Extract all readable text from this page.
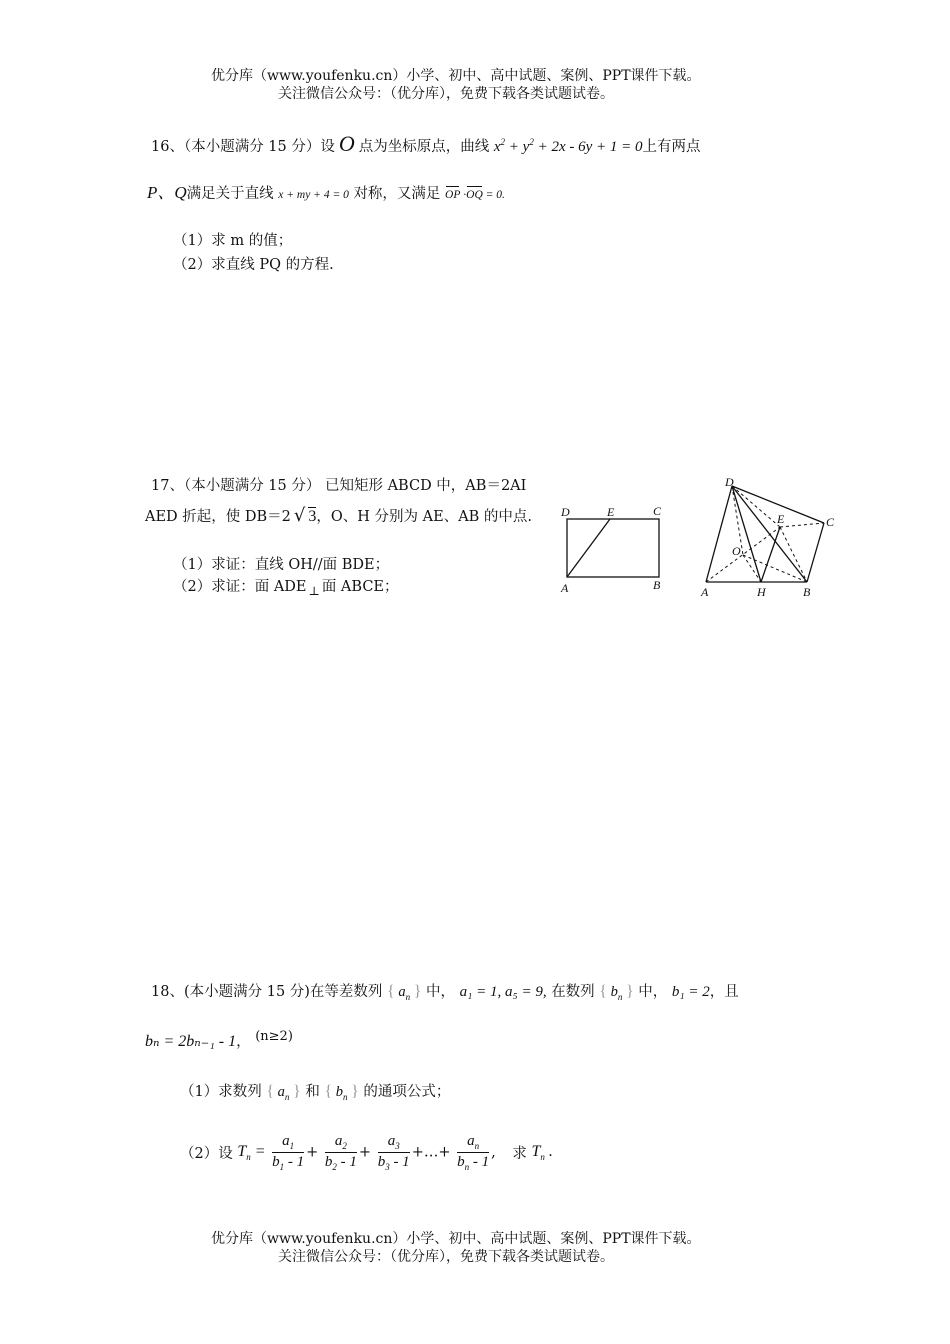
优分库（www.youfenku.cn）小学、初中、高中试题、案例、PPT课件下载。
关注微信公众号：（优分库），免费下载各类试题试卷。
16、（本小题满分 15 分）设 O 点为坐标原点，曲线 $x^2 + y^2 + 2x - 6y + 1 = 0$上有两点
P、Q满足关于直线 x + my + 4 = 0 对称，又满足 OP ·OQ = 0.
（1）求 m 的值；
（2）求直线 PQ 的方程.
17、（本小题满分 15 分） 已知矩形 ABCD 中，AB＝2AI
AED 折起，使 DB＝2 √ 3，O、H 分别为 AE、AB 的中点.
（1）求证：直线 OH//面 BDE；
（2）求证：面 ADE $_\perp$ 面 ABCE；
D	E	C
A	B
D
E	C
O
A	H	B
18、(本小题满分 15 分)在等差数列 { $a_n$ } 中， a₁ = 1, a₅ = 9, 在数列 { $b_n$ } 中， b₁ = 2，且
bₙ = 2bₙ₋₁ - 1， (n≥2)
（1）求数列 { $a_n$ } 和 { $b_n$ } 的通项公式；
（2）设 $T_n = \frac{a_1}{b_1 - 1} + \frac{a_2}{b_2 - 1} + \frac{a_3}{b_3 - 1}$ +…+ $\frac{a_n}{b_n - 1}$ , 求 $T_n$ .
优分库（www.youfenku.cn）小学、初中、高中试题、案例、PPT课件下载。
关注微信公众号：（优分库），免费下载各类试题试卷。
